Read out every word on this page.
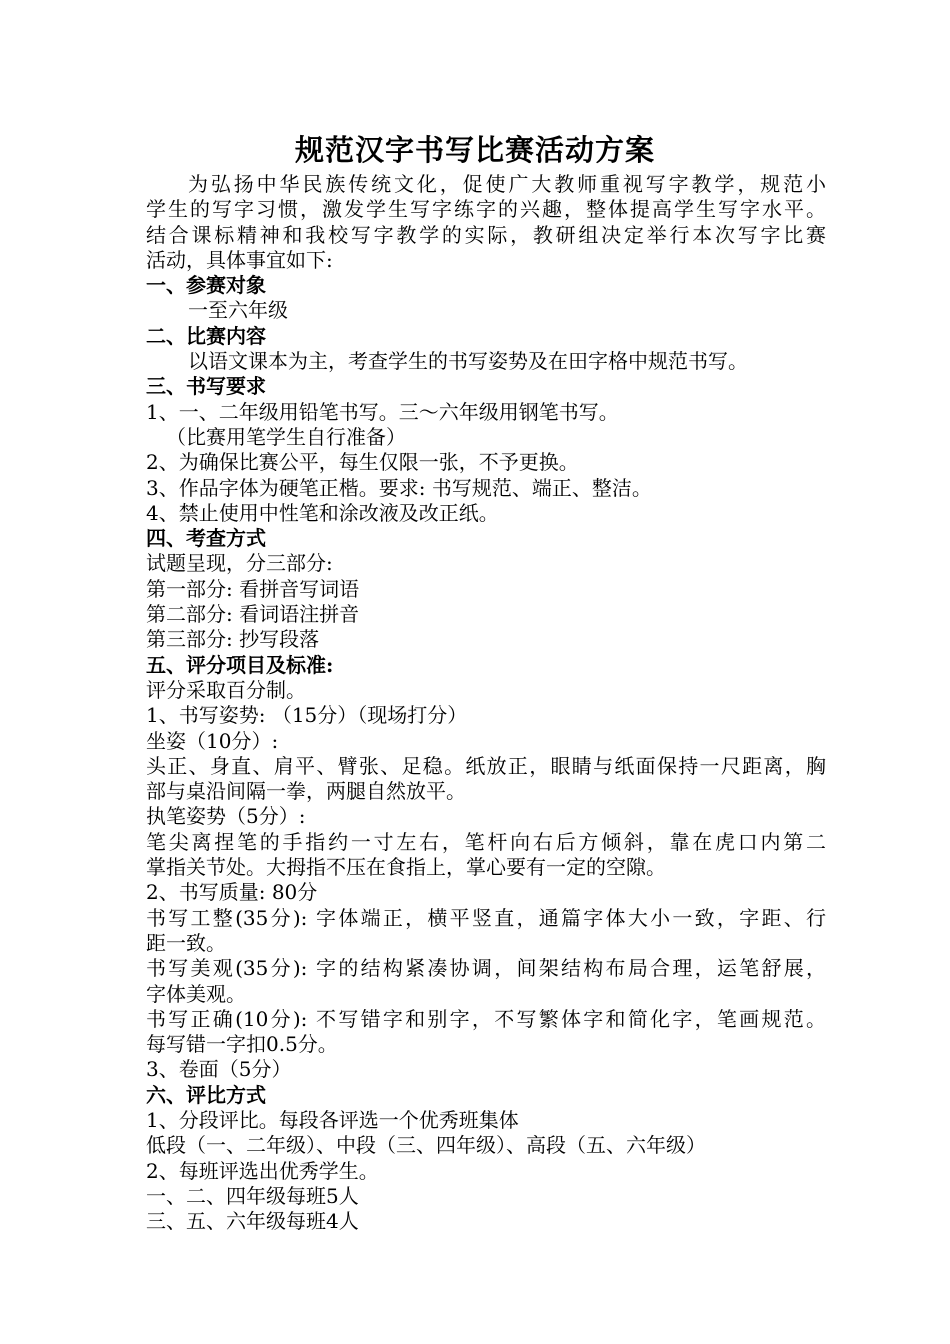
规范汉字书写比赛活动方案
为弘扬中华民族传统文化，促使广大教师重视写字教学，规范小
学生的写字习惯，激发学生写字练字的兴趣，整体提高学生写字水平。
结合课标精神和我校写字教学的实际，教研组决定举行本次写字比赛
活动，具体事宜如下:
一、参赛对象
一至六年级
二、比赛内容
以语文课本为主，考查学生的书写姿势及在田字格中规范书写。
三、书写要求
1、一、二年级用铅笔书写。三～六年级用钢笔书写。
（比赛用笔学生自行准备）
2、为确保比赛公平，每生仅限一张，不予更换。
3、作品字体为硬笔正楷。要求: 书写规范、端正、整洁。
4、禁止使用中性笔和涂改液及改正纸。
四、考查方式
试题呈现，分三部分:
第一部分: 看拼音写词语
第二部分: 看词语注拼音
第三部分: 抄写段落
五、评分项目及标准:
评分采取百分制。
1、书写姿势: （15分）（现场打分）
坐姿（10分）:
头正、身直、肩平、臂张、足稳。纸放正，眼睛与纸面保持一尺距离，胸
部与桌沿间隔一拳，两腿自然放平。
执笔姿势（5分）:
笔尖离捏笔的手指约一寸左右，笔杆向右后方倾斜，靠在虎口内第二
掌指关节处。大拇指不压在食指上，掌心要有一定的空隙。
2、书写质量: 80分
书写工整(35分): 字体端正，横平竖直，通篇字体大小一致，字距、行
距一致。
书写美观(35分): 字的结构紧凑协调，间架结构布局合理，运笔舒展，
字体美观。
书写正确(10分): 不写错字和别字，不写繁体字和简化字，笔画规范。
每写错一字扣0.5分。
3、卷面（5分）
六、评比方式
1、分段评比。每段各评选一个优秀班集体
低段（一、二年级）、中段（三、四年级）、高段（五、六年级）
2、每班评选出优秀学生。
一、二、四年级每班5人
三、五、六年级每班4人
